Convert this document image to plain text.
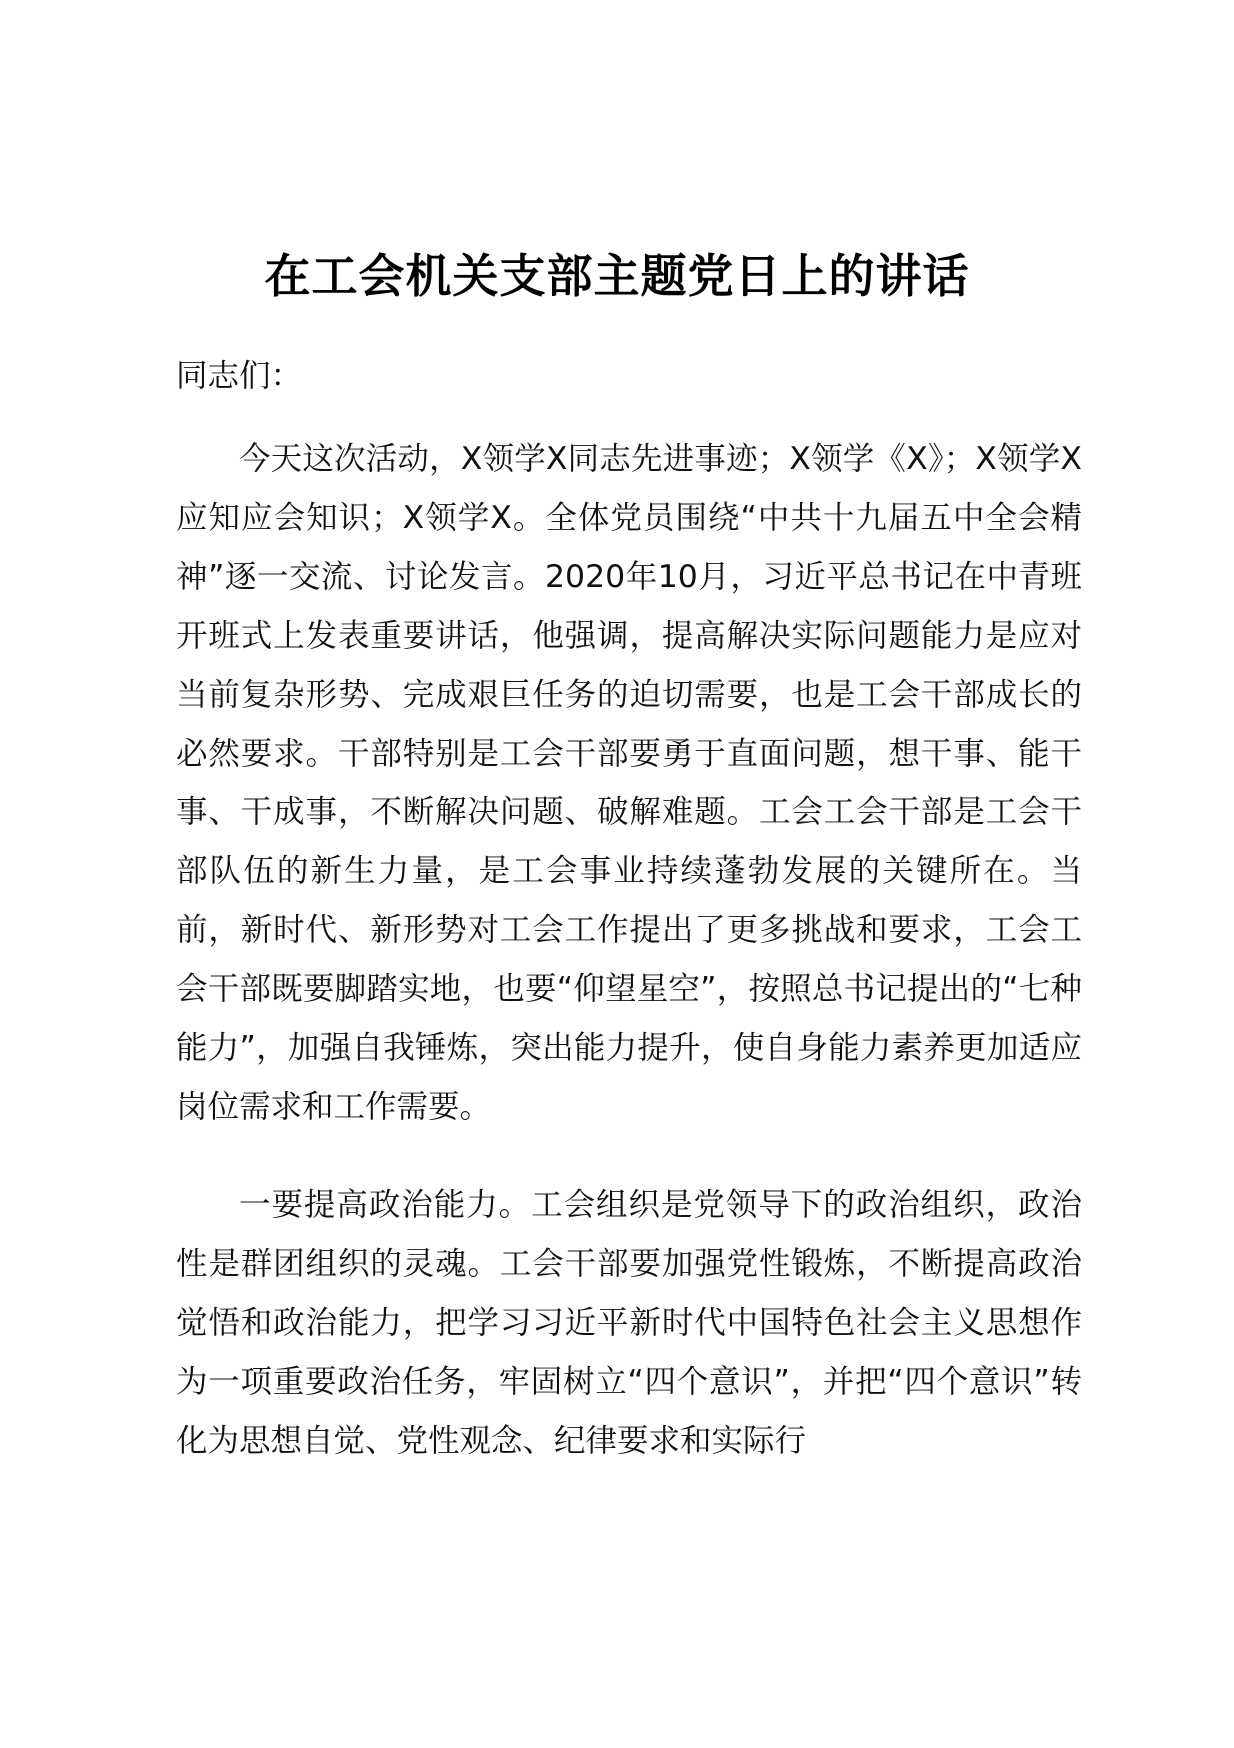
在工会机关支部主题党日上的讲话

同志们：

今天这次活动，X领学X同志先进事迹；X领学《X》；X领学X应知应会知识；X领学X。全体党员围绕“中共十九届五中全会精神”逐一交流、讨论发言。2020年10月，习近平总书记在中青班开班式上发表重要讲话，他强调，提高解决实际问题能力是应对当前复杂形势、完成艰巨任务的迫切需要，也是工会干部成长的必然要求。干部特别是工会干部要勇于直面问题，想干事、能干事、干成事，不断解决问题、破解难题。工会工会干部是工会干部队伍的新生力量，是工会事业持续蓬勃发展的关键所在。当前，新时代、新形势对工会工作提出了更多挑战和要求，工会工会干部既要脚踏实地，也要“仰望星空”，按照总书记提出的“七种能力”，加强自我锤炼，突出能力提升，使自身能力素养更加适应岗位需求和工作需要。

一要提高政治能力。工会组织是党领导下的政治组织，政治性是群团组织的灵魂。工会干部要加强党性锻炼，不断提高政治觉悟和政治能力，把学习习近平新时代中国特色社会主义思想作为一项重要政治任务，牢固树立“四个意识”，并把“四个意识”转化为思想自觉、党性观念、纪律要求和实际行
